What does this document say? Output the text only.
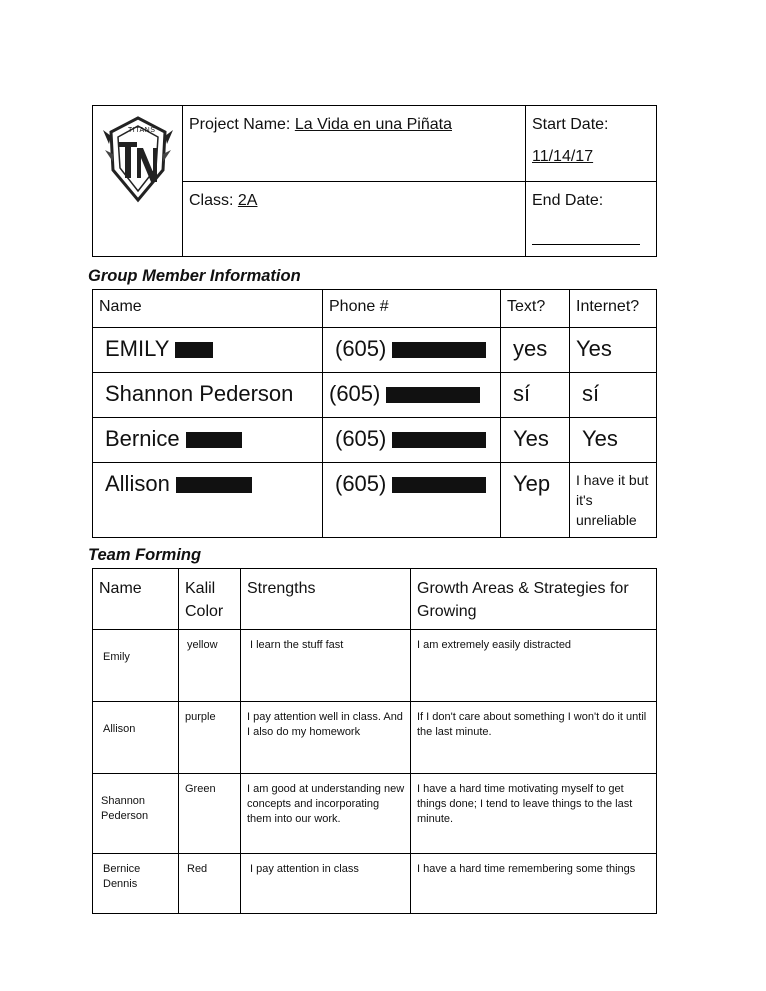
TITANS	Project Name: La Vida en una Piñata	Start Date:
11/14/17

	Class: 2A	End Date:
Group Member Information
Name	Phone #	Text?	Internet?
EMILY	(605)	yes	Yes
Shannon Pederson	(605)	sí	sí
Bernice	(605)	Yes	Yes
Allison	(605)	Yep	I have it but it's unreliable
Team Forming
Name	Kalil Color	Strengths	Growth Areas & Strategies for Growing
Emily	yellow	I learn the stuff fast	I am extremely easily distracted
Allison	purple	I pay attention well in class. And I also do my homework	If I don't care about something I won't do it until the last minute.
Shannon Pederson	Green	I am good at understanding new concepts and incorporating them into our work.	I have a hard time motivating myself to get things done; I tend to leave things to the last minute.
Bernice Dennis	Red	I pay attention in class	I have a hard time remembering some things
